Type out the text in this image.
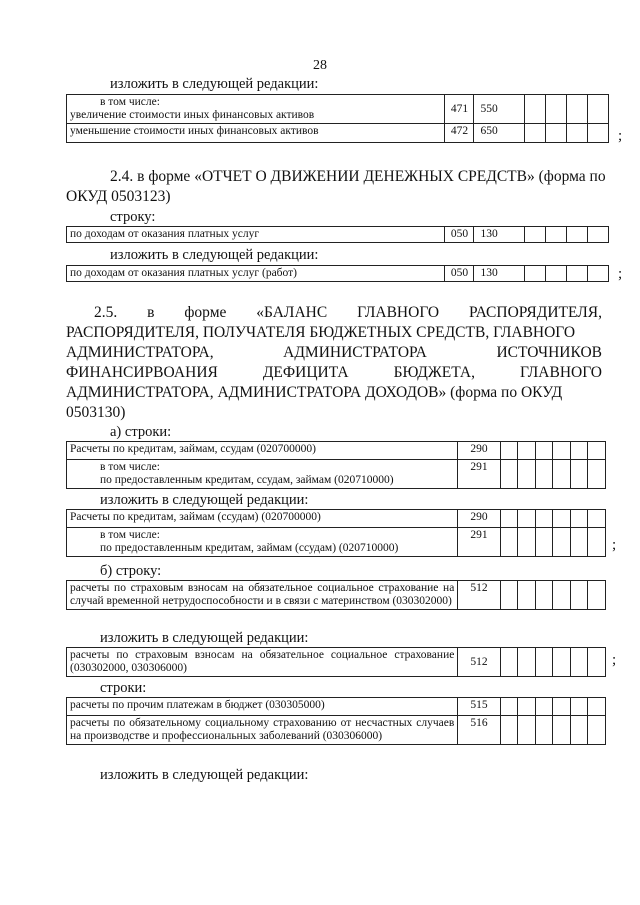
28
изложить в следующей редакции:
в том числе:
увеличение стоимости иных финансовых активов	471	550				
уменьшение стоимости иных финансовых активов	472	650					;
2.4. в форме «ОТЧЕТ О ДВИЖЕНИИ ДЕНЕЖНЫХ СРЕДСТВ» (форма по
ОКУД 0503123)
строку:
по доходам от оказания платных услуг	050	130				
изложить в следующей редакции:
по доходам от оказания платных услуг (работ)	050	130					;
2.5. в форме «БАЛАНС ГЛАВНОГО РАСПОРЯДИТЕЛЯ,
РАСПОРЯДИТЕЛЯ, ПОЛУЧАТЕЛЯ БЮДЖЕТНЫХ СРЕДСТВ, ГЛАВНОГО
АДМИНИСТРАТОРА,	АДМИНИСТРАТОРА	ИСТОЧНИКОВ
ФИНАНСИРВОАНИЯ	ДЕФИЦИТА	БЮДЖЕТА,	ГЛАВНОГО
АДМИНИСТРАТОРА, АДМИНИСТРАТОРА ДОХОДОВ» (форма по ОКУД
0503130)
а) строки:
Расчеты по кредитам, займам, ссудам (020700000)	290						

в том числе:
по предоставленным кредитам, ссудам, займам (020710000)	291						
изложить в следующей редакции:
Расчеты по кредитам, займам (ссудам) (020700000)	290						

в том числе:
по предоставленным кредитам, займам (ссудам) (020710000)	291						
;
б) строку:
расчеты по страховым взносам на обязательное социальное страхование на случай временной нетрудоспособности и в связи с материнством (030302000)	512						
изложить в следующей редакции:
расчеты по страховым взносам на обязательное социальное страхование (030302000, 030306000)	512							;
строки:
расчеты по прочим платежам в бюджет (030305000)	515						
расчеты по обязательному социальному страхованию от несчастных случаев на производстве и профессиональных заболеваний (030306000)	516						
изложить в следующей редакции:
